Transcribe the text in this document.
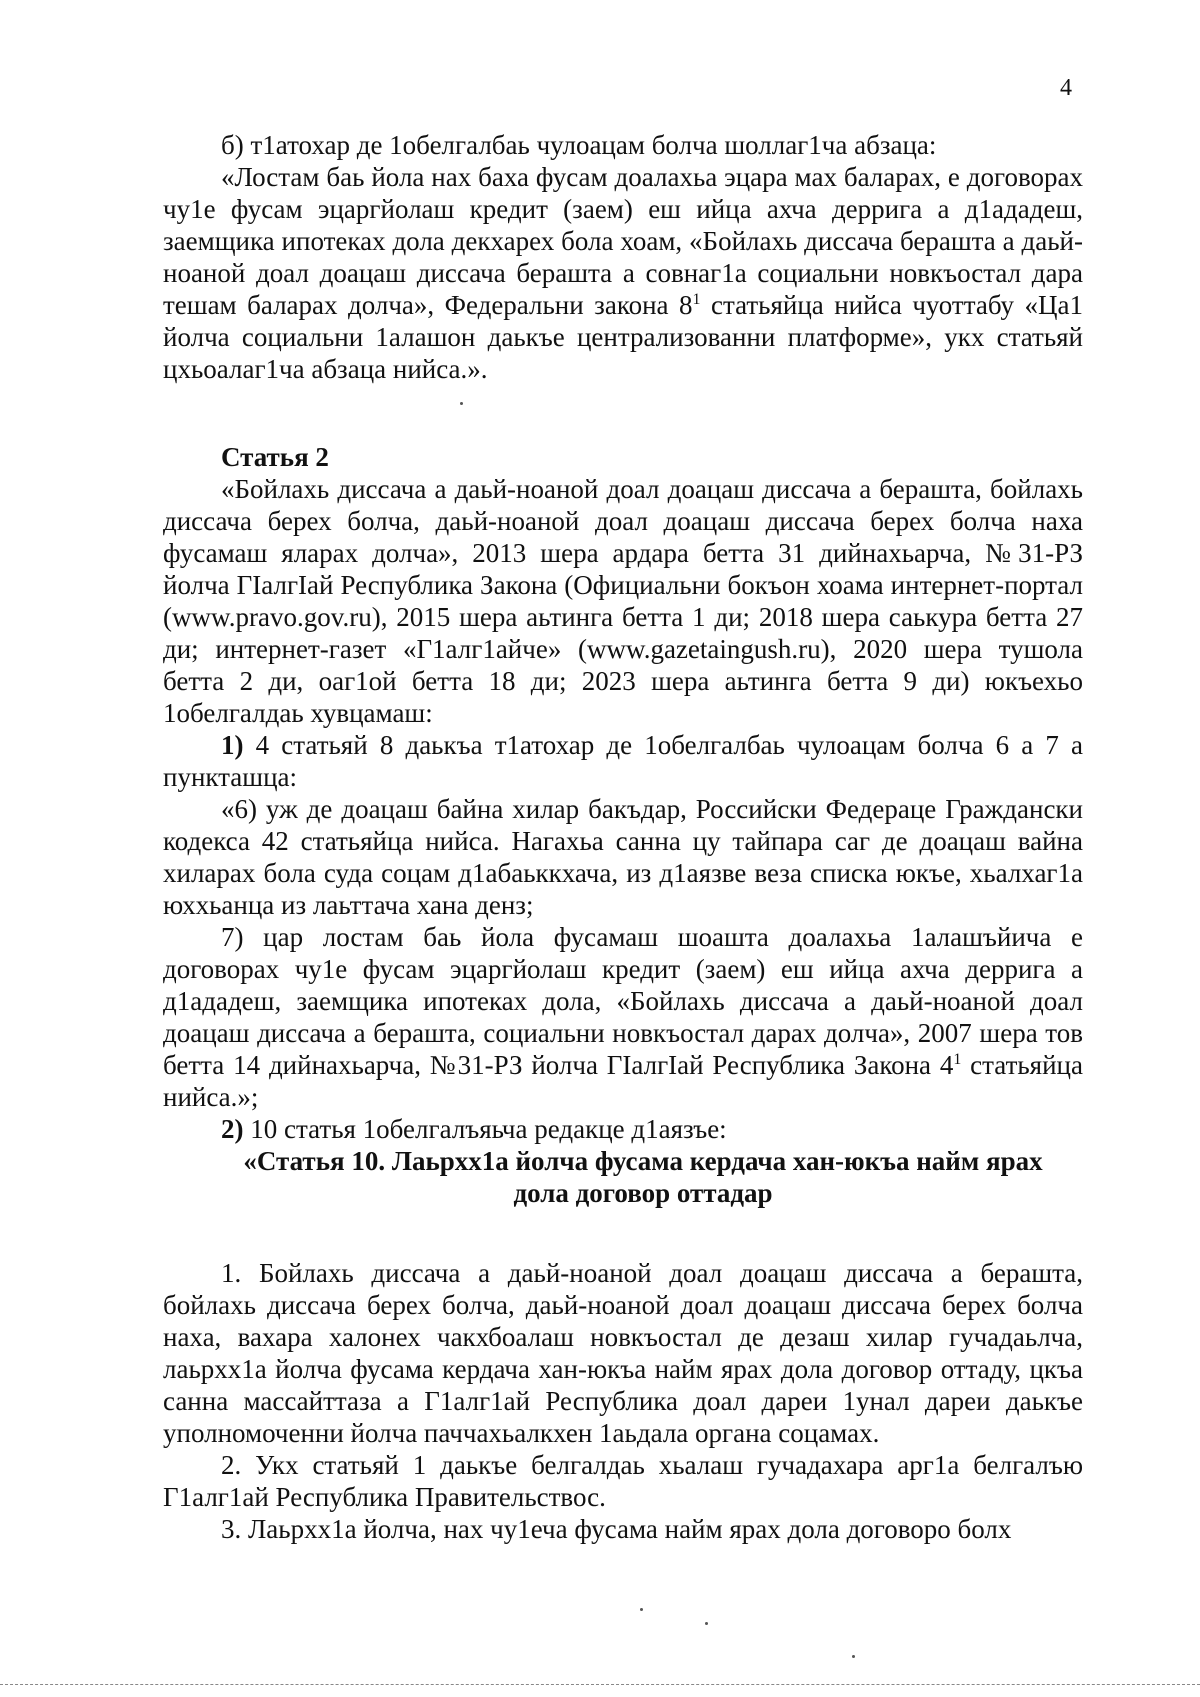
4

б) т1атохар де 1обелгалбаь чулоацам болча шоллаг1ча абзаца:

«Лостам баь йола нах баха фусам доалахьа эцара мах баларах, е договорах чу1е фусам эцаргйолаш кредит (заем) еш ийца ахча деррига а д1ададеш, заемщика ипотеках дола декхарех бола хоам, «Бойлахь диссача берашта а даьй-ноаной доал доацаш диссача берашта а совнаг1а социальни новкъостал дара тешам баларах долча», Федеральни закона $8^1$ статьяйца нийса чуоттабу «Ца1 йолча социальни 1алашон даькъе централизованни платформе», укх статьяй цхьоалаг1ча абзаца нийса.».

Статья 2

«Бойлахь диссача а даьй-ноаной доал доацаш диссача а берашта, бойлахь диссача берех болча, даьй-ноаной доал доацаш диссача берех болча наха фусамаш яларах долча», 2013 шера ардара бетта 31 дийнахьарча, №31-РЗ йолча ГIалгIай Республика Закона (Официальни бокъон хоама интернет-портал (www.pravo.gov.ru), 2015 шера аьтинга бетта 1 ди; 2018 шера саькура бетта 27 ди; интернет-газет «Г1алг1айче» (www.gazetaingush.ru), 2020 шера тушола бетта 2 ди, оаг1ой бетта 18 ди; 2023 шера аьтинга бетта 9 ди) юкъехьо 1обелгалдаь хувцамаш:

1) 4 статьяй 8 даькъа т1атохар де 1обелгалбаь чулоацам болча 6 а 7 а пункташца:

«6) уж де доацаш байна хилар бакъдар, Российски Федераце Граждански кодекса 42 статьяйца нийса. Нагахьа санна цу тайпара саг де доацаш вайна хиларах бола суда соцам д1абаьккхача, из д1аязве веза списка юкъе, хьалхаг1а юххьанца из лаьттача хана денз;

7) цар лостам баь йола фусамаш шоашта доалахьа 1алашъйича е договорах чу1е фусам эцаргйолаш кредит (заем) еш ийца ахча деррига а д1ададеш, заемщика ипотеках дола, «Бойлахь диссача а даьй-ноаной доал доацаш диссача а берашта, социальни новкъостал дарах долча», 2007 шера тов бетта 14 дийнахьарча, №31-РЗ йолча ГIалгIай Республика Закона $4^1$ статьяйца нийса.»;

2) 10 статья 1обелгалъяьча редакце д1аязъе:

«Статья 10. Лаьрхх1а йолча фусама кердача хан-юкъа найм ярах
дола договор оттадар

1. Бойлахь диссача а даьй-ноаной доал доацаш диссача а берашта, бойлахь диссача берех болча, даьй-ноаной доал доацаш диссача берех болча наха, вахара халонех чакхбоалаш новкъостал де дезаш хилар гучадаьлча, лаьрхх1а йолча фусама кердача хан-юкъа найм ярах дола договор оттаду, цкъа санна массайттаза а Г1алг1ай Республика доал дареи 1унал дареи даькъе уполномоченни йолча паччахьалкхен 1аьдала органа соцамах.

2. Укх статьяй 1 даькъе белгалдаь хьалаш гучадахара арг1а белгалъю Г1алг1ай Республика Правительствос.

3. Лаьрхх1а йолча, нах чу1еча фусама найм ярах дола договоро болх
